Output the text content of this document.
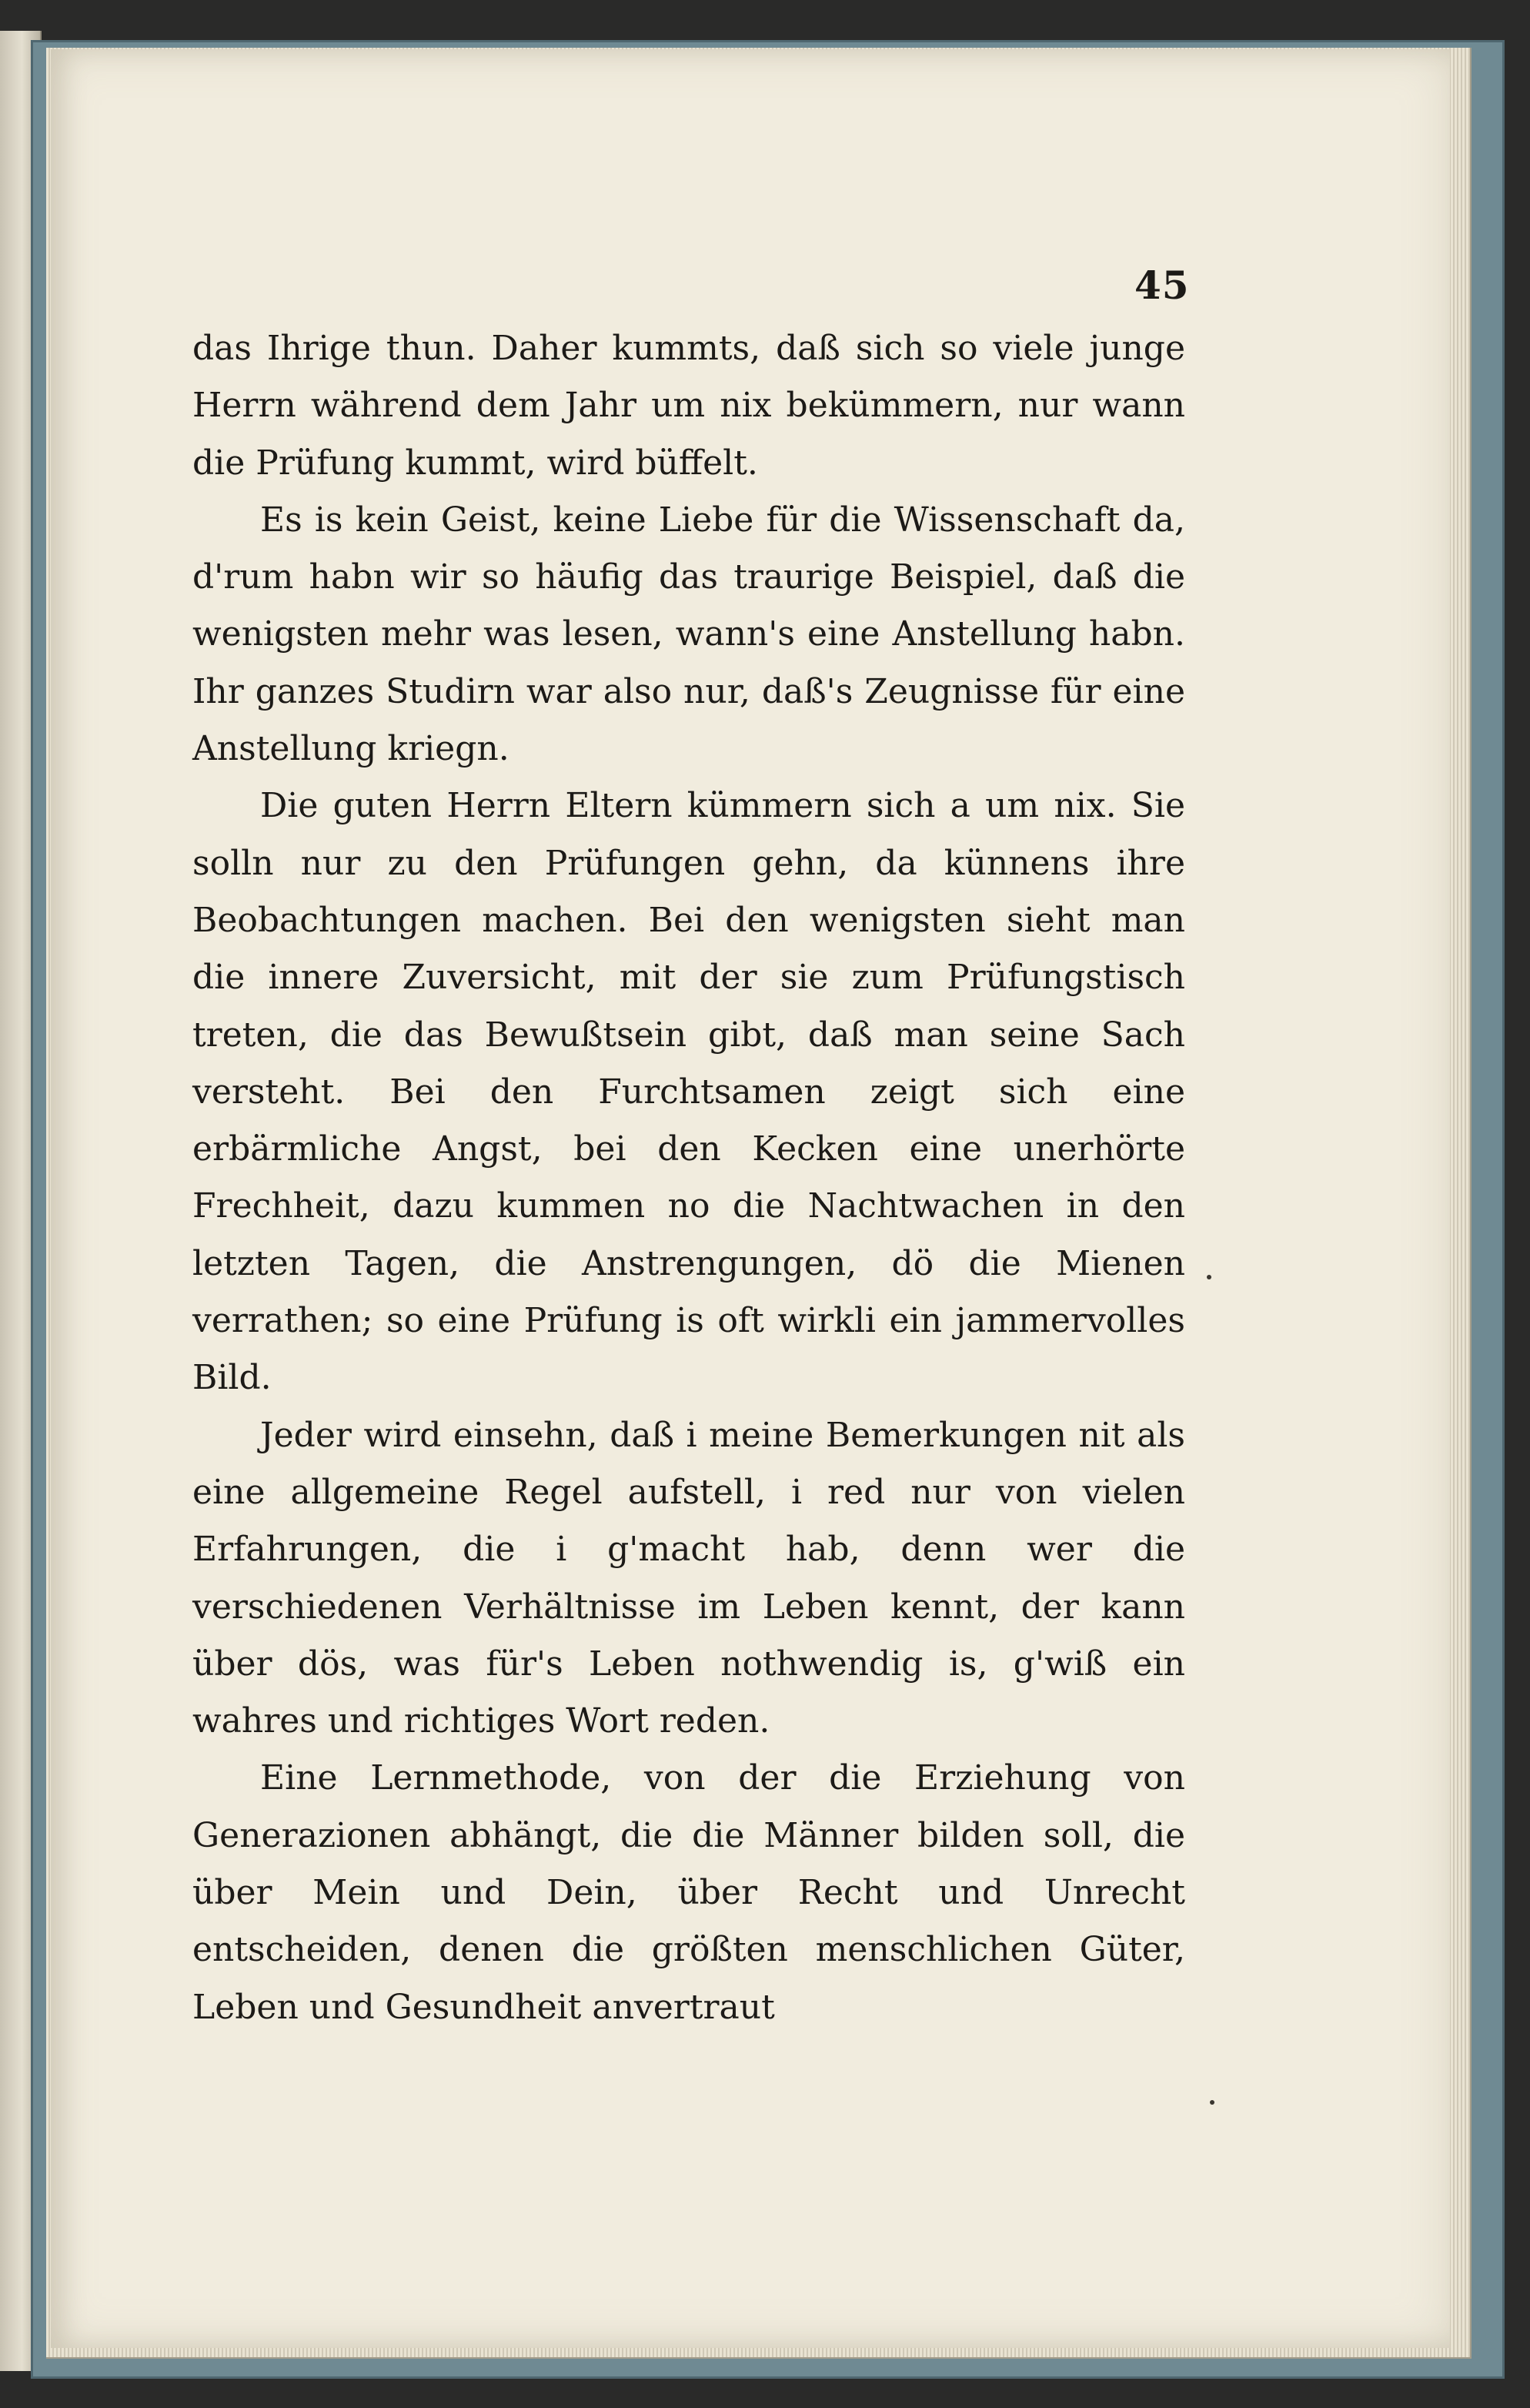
45

das Ihrige thun. Daher kummts, daß sich so viele junge Herrn während dem Jahr um nix bekümmern, nur wann die Prüfung kummt, wird büffelt.

Es is kein Geist, keine Liebe für die Wissenschaft da, d'rum habn wir so häufig das traurige Beispiel, daß die wenigsten mehr was lesen, wann's eine Anstellung habn. Ihr ganzes Studirn war also nur, daß's Zeugnisse für eine Anstellung kriegn.

Die guten Herrn Eltern kümmern sich a um nix. Sie solln nur zu den Prüfungen gehn, da künnens ihre Beobachtungen machen. Bei den wenigsten sieht man die innere Zuversicht, mit der sie zum Prüfungstisch treten, die das Bewußtsein gibt, daß man seine Sach versteht. Bei den Furchtsamen zeigt sich eine erbärmliche Angst, bei den Kecken eine unerhörte Frechheit, dazu kummen no die Nachtwachen in den letzten Tagen, die Anstrengungen, dö die Mienen verrathen; so eine Prüfung is oft wirkli ein jammervolles Bild.

Jeder wird einsehn, daß i meine Bemerkungen nit als eine allgemeine Regel aufstell, i red nur von vielen Erfahrungen, die i g'macht hab, denn wer die verschiedenen Verhältnisse im Leben kennt, der kann über dös, was für's Leben nothwendig is, g'wiß ein wahres und richtiges Wort reden.

Eine Lernmethode, von der die Erziehung von Generazionen abhängt, die die Männer bilden soll, die über Mein und Dein, über Recht und Unrecht entscheiden, denen die größten menschlichen Güter, Leben und Gesundheit anvertraut
